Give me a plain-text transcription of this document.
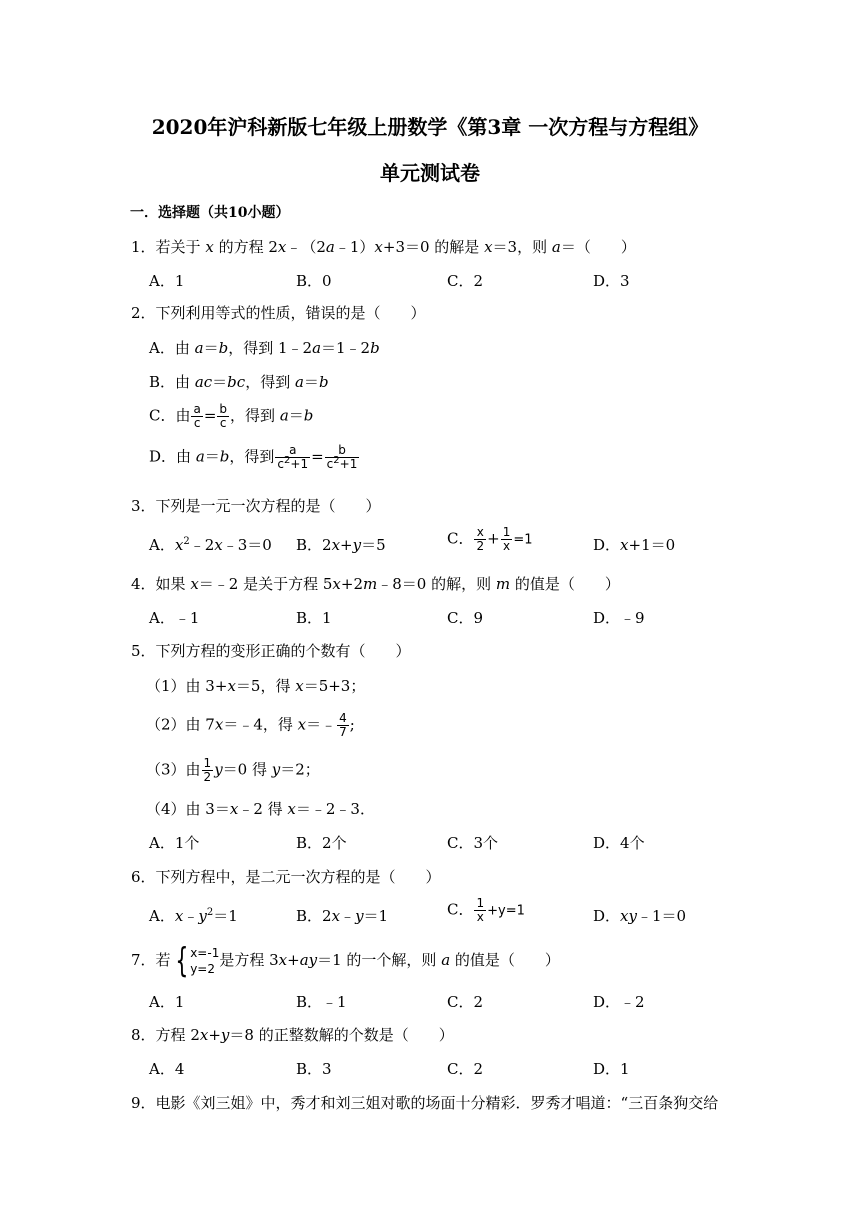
2020年沪科新版七年级上册数学《第3章 一次方程与方程组》
单元测试卷
一．选择题（共10小题）
1．若关于 x 的方程 2x﹣（2a﹣1）x+3＝0 的解是 x＝3，则 a＝（　　）
A．1	B．0	C．2	D．3
2．下列利用等式的性质，错误的是（　　）
A．由 a＝b，得到 1﹣2a＝1﹣2b
B．由 ac＝bc，得到 a＝b
C．由 $\frac{a}{c} = \frac{b}{c}$ ，得到 a＝b
D．由 a＝b，得到 $\frac{a}{c^2+1} = \frac{b}{c^2+1}$
3．下列是一元一次方程的是（　　）
A．$x^2﹣2x﹣3=0$ B．2x+y＝5	C． $\frac{x}{2} + \frac{1}{x} =1$	D．x+1＝0
4．如果 x＝﹣2 是关于方程 5x+2m﹣8＝0 的解，则 m 的值是（　　）
A．﹣1	B．1	C．9	D．﹣9
5．下列方程的变形正确的个数有（　　）
（1）由 3+x＝5，得 x＝5+3；
（2）由 7x＝﹣4，得 x＝﹣ $\frac{4}{7}$ ;
（3）由 $\frac{1}{2} y=0$ 得 y＝2；
（4）由 3＝x﹣2 得 x＝﹣2﹣3．
A．1个	B．2个	C．3个	D．4个
6．下列方程中，是二元一次方程的是（　　）
A．$x﹣y^2=1$	B．2x﹣y＝1	C． $\frac{1}{x} +y=1$	D．xy﹣1＝0
7．若 { x=-1
y=2 是方程 3x+ay＝1 的一个解，则 a 的值是（　　）
A．1	B．﹣1	C．2	D．﹣2
8．方程 2x+y＝8 的正整数解的个数是（　　）
A．4	B．3	C．2	D．1
9．电影《刘三姐》中，秀才和刘三姐对歌的场面十分精彩．罗秀才唱道：“三百条狗交给
